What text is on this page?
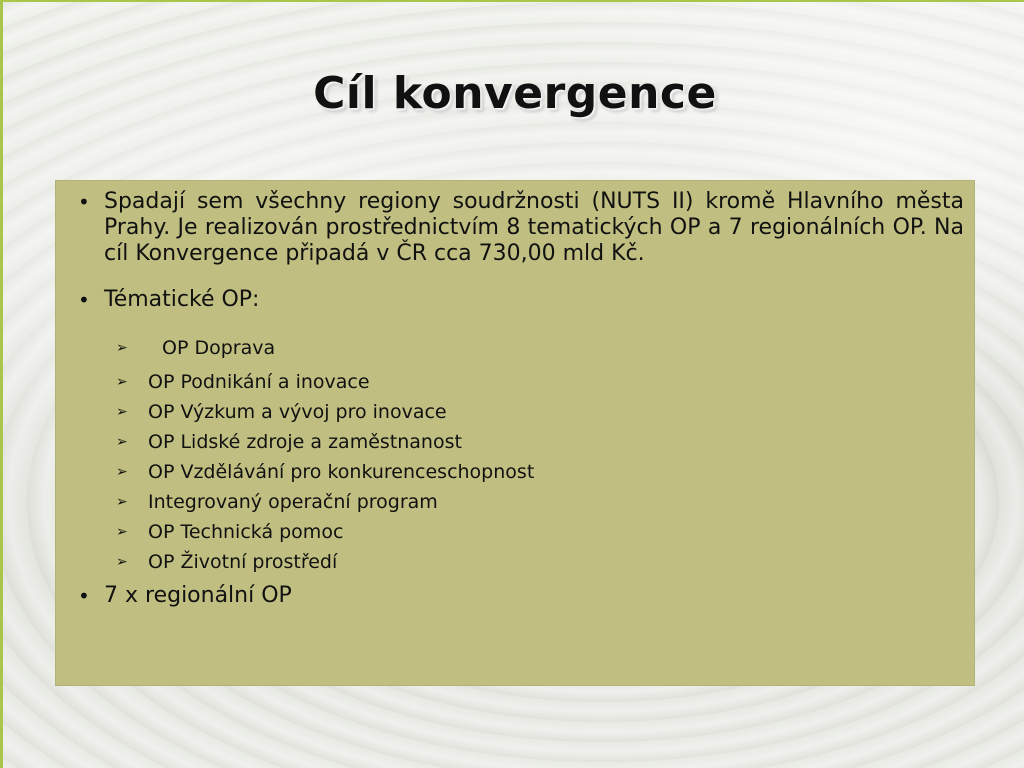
Cíl konvergence
• Spadají sem všechny regiony soudržnosti (NUTS II) kromě Hlavního města Prahy. Je realizován prostřednictvím 8 tematických OP a 7 regionálních OP. Na cíl Konvergence připadá v ČR cca 730,00 mld Kč.
• Tématické OP:
➢ OP Doprava
➢ OP Podnikání a inovace
➢ OP Výzkum a vývoj pro inovace
➢ OP Lidské zdroje a zaměstnanost
➢ OP Vzdělávání pro konkurenceschopnost
➢ Integrovaný operační program
➢ OP Technická pomoc
➢ OP Životní prostředí
• 7 x regionální OP
